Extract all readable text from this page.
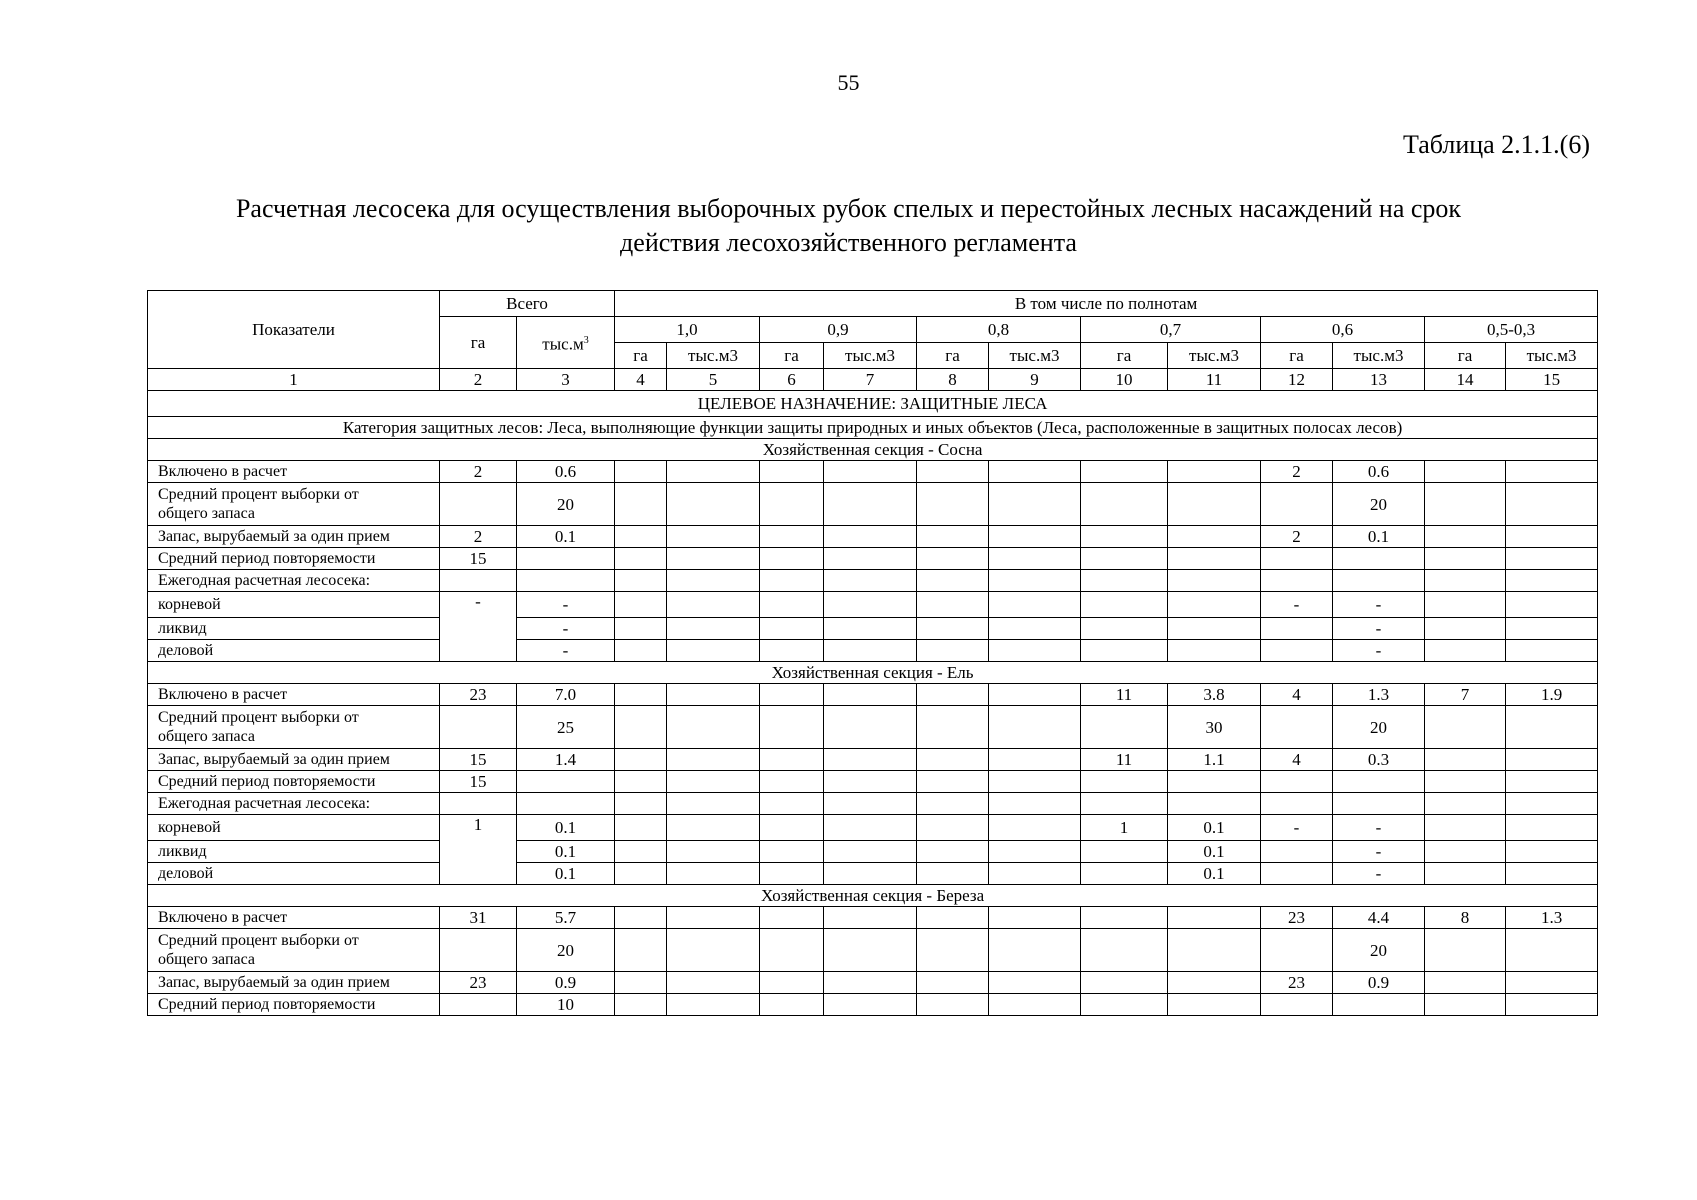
55
Таблица 2.1.1.(6)
Расчетная лесосека для осуществления выборочных рубок спелых и перестойных лесных насаждений на срок
действия лесохозяйственного регламента
Показатели	Всего		В том числе по полнотам											
	га	$тыс.м^3$	1,0		0,9		0,8		0,7		0,6		0,5-0,3	
			га	тыс.м3	га	тыс.м3	га	тыс.м3	га	тыс.м3	га	тыс.м3	га	тыс.м3
1	2	3	4	5	6	7	8	9	10	11	12	13	14	15
ЦЕЛЕВОЕ НАЗНАЧЕНИЕ: ЗАЩИТНЫЕ ЛЕСА														
Категория защитных лесов: Леса, выполняющие функции защиты природных и иных объектов (Леса, расположенные в защитных полосах лесов)														
Хозяйственная секция - Сосна														

Включено в расчет	2	0.6									2	0.6		

Средний процент выборки от
общего запаса		20										20		

Запас, вырубаемый за один прием	2	0.1									2	0.1		

Средний период повторяемости	15													
Ежегодная расчетная лесосека:														
корневой	-	-									-	-		
ликвид		-										-		
деловой		-										-		
Хозяйственная секция - Ель														

Включено в расчет	23	7.0							11	3.8	4	1.3	7	1.9

Средний процент выборки от
общего запаса		25								30		20		

Запас, вырубаемый за один прием	15	1.4							11	1.1	4	0.3		

Средний период повторяемости	15													
Ежегодная расчетная лесосека:														
корневой	1	0.1							1	0.1	-	-		
ликвид		0.1								0.1		-		
деловой		0.1								0.1		-		
Хозяйственная секция - Береза														

Включено в расчет	31	5.7									23	4.4	8	1.3

Средний процент выборки от
общего запаса		20										20		

Запас, вырубаемый за один прием	23	0.9									23	0.9		

Средний период повторяемости		10												
